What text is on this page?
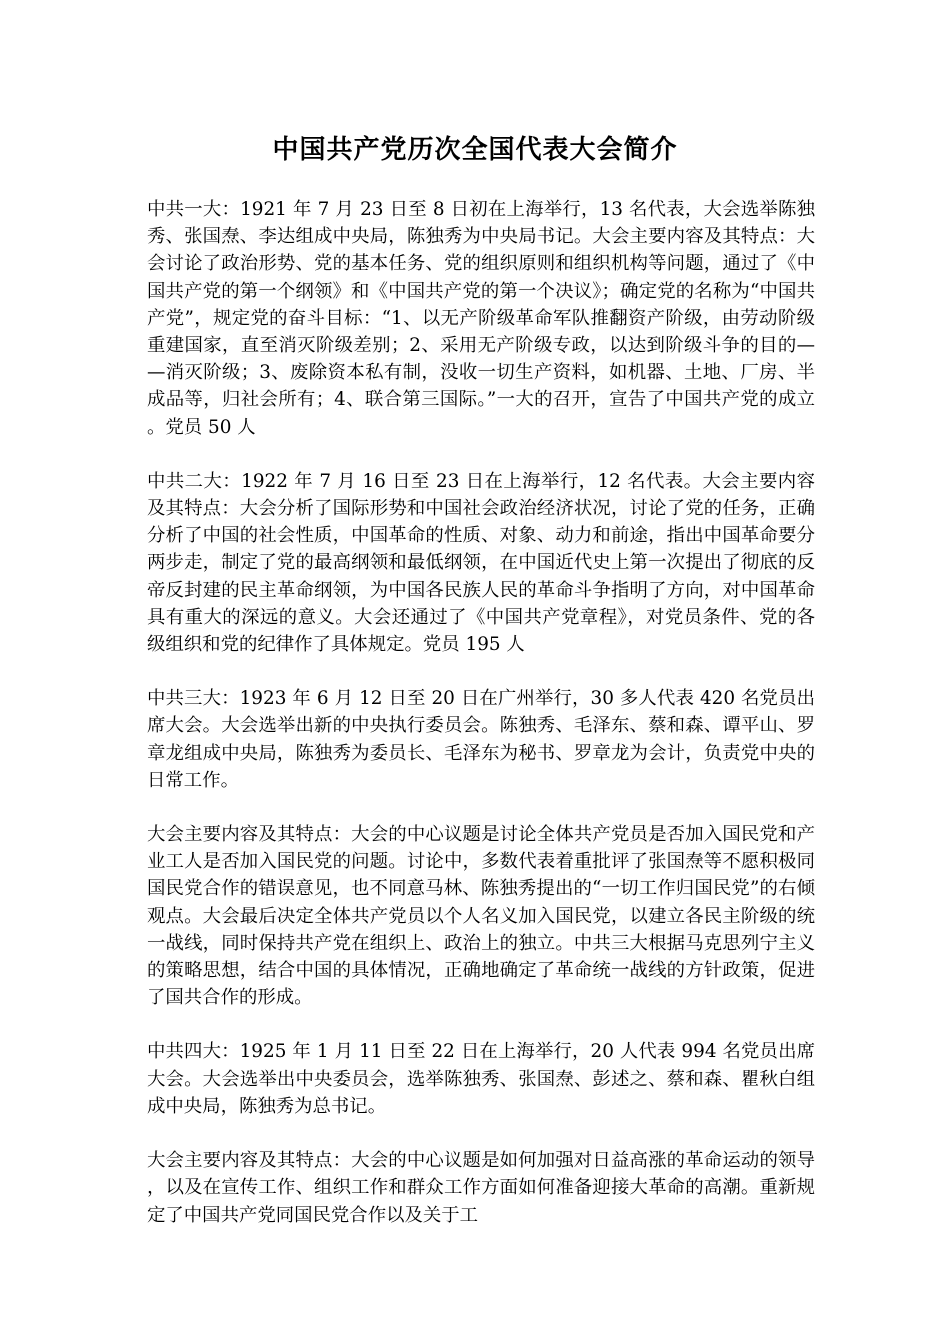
中国共产党历次全国代表大会简介

中共一大：1921 年 7 月 23 日至 8 日初在上海举行，13 名代表，大会选举陈独秀、张国焘、李达组成中央局，陈独秀为中央局书记。大会主要内容及其特点：大会讨论了政治形势、党的基本任务、党的组织原则和组织机构等问题，通过了《中国共产党的第一个纲领》和《中国共产党的第一个决议》；确定党的名称为“中国共产党”，规定党的奋斗目标：“1、以无产阶级革命军队推翻资产阶级，由劳动阶级重建国家，直至消灭阶级差别；2、采用无产阶级专政，以达到阶级斗争的目的——消灭阶级；3、废除资本私有制，没收一切生产资料，如机器、土地、厂房、半成品等，归社会所有；4、联合第三国际。”一大的召开，宣告了中国共产党的成立。党员 50 人

中共二大：1922 年 7 月 16 日至 23 日在上海举行，12 名代表。大会主要内容及其特点：大会分析了国际形势和中国社会政治经济状况，讨论了党的任务，正确分析了中国的社会性质，中国革命的性质、对象、动力和前途，指出中国革命要分两步走，制定了党的最高纲领和最低纲领，在中国近代史上第一次提出了彻底的反帝反封建的民主革命纲领，为中国各民族人民的革命斗争指明了方向，对中国革命具有重大的深远的意义。大会还通过了《中国共产党章程》，对党员条件、党的各级组织和党的纪律作了具体规定。党员 195 人

中共三大：1923 年 6 月 12 日至 20 日在广州举行，30 多人代表 420 名党员出席大会。大会选举出新的中央执行委员会。陈独秀、毛泽东、蔡和森、谭平山、罗章龙组成中央局，陈独秀为委员长、毛泽东为秘书、罗章龙为会计，负责党中央的日常工作。

大会主要内容及其特点：大会的中心议题是讨论全体共产党员是否加入国民党和产业工人是否加入国民党的问题。讨论中，多数代表着重批评了张国焘等不愿积极同国民党合作的错误意见，也不同意马林、陈独秀提出的“一切工作归国民党”的右倾观点。大会最后决定全体共产党员以个人名义加入国民党，以建立各民主阶级的统一战线，同时保持共产党在组织上、政治上的独立。中共三大根据马克思列宁主义的策略思想，结合中国的具体情况，正确地确定了革命统一战线的方针政策，促进了国共合作的形成。

中共四大：1925 年 1 月 11 日至 22 日在上海举行，20 人代表 994 名党员出席大会。大会选举出中央委员会，选举陈独秀、张国焘、彭述之、蔡和森、瞿秋白组成中央局，陈独秀为总书记。

大会主要内容及其特点：大会的中心议题是如何加强对日益高涨的革命运动的领导，以及在宣传工作、组织工作和群众工作方面如何准备迎接大革命的高潮。重新规定了中国共产党同国民党合作以及关于工
